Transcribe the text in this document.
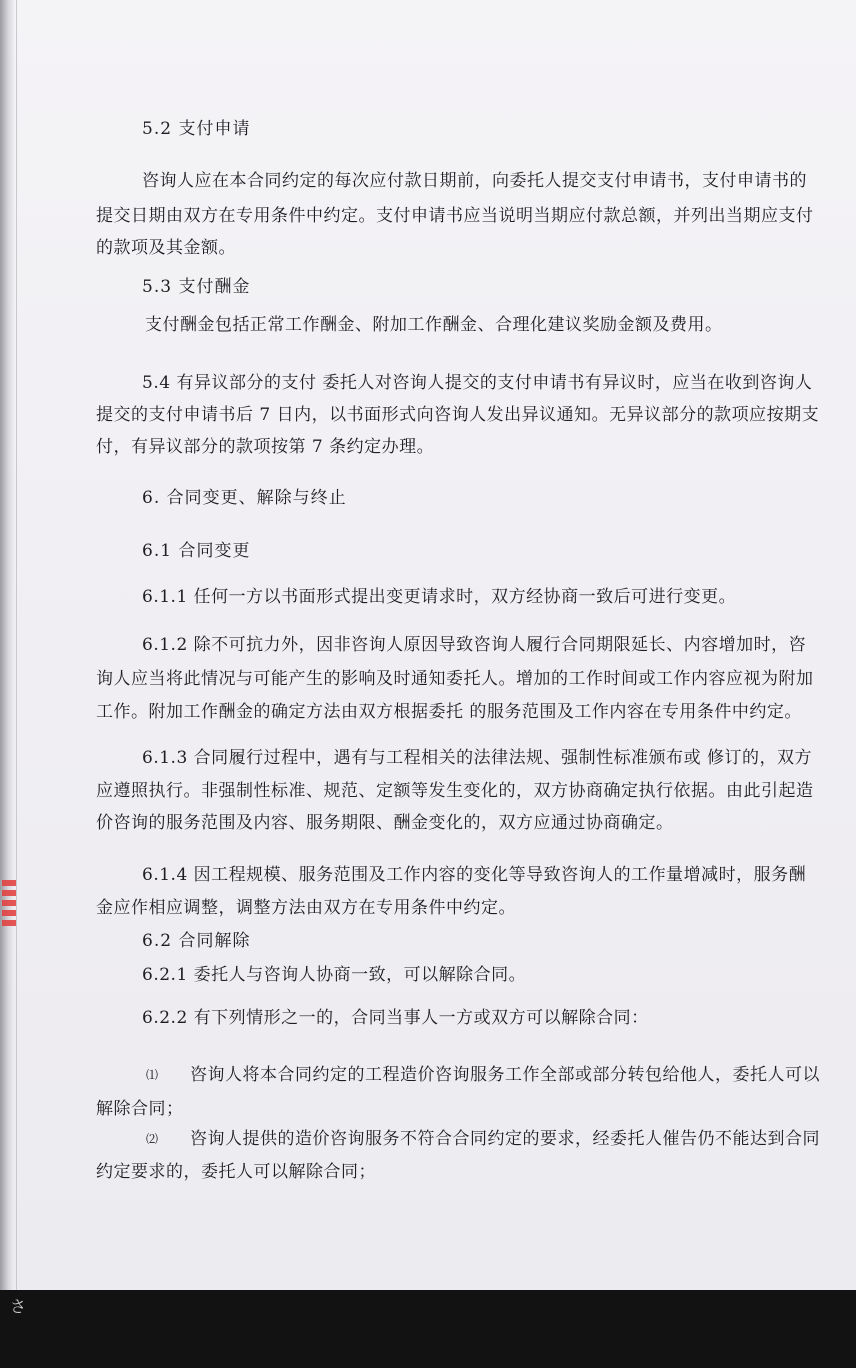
5.2 支付申请
咨询人应在本合同约定的每次应付款日期前，向委托人提交支付申请书，支付申请书的
提交日期由双方在专用条件中约定。支付申请书应当说明当期应付款总额，并列出当期应支付
的款项及其金额。
5.3 支付酬金
支付酬金包括正常工作酬金、附加工作酬金、合理化建议奖励金额及费用。
5.4 有异议部分的支付 委托人对咨询人提交的支付申请书有异议时，应当在收到咨询人
提交的支付申请书后 7 日内，以书面形式向咨询人发出异议通知。无异议部分的款项应按期支
付，有异议部分的款项按第 7 条约定办理。
6. 合同变更、解除与终止
6.1 合同变更
6.1.1 任何一方以书面形式提出变更请求时，双方经协商一致后可进行变更。
6.1.2 除不可抗力外，因非咨询人原因导致咨询人履行合同期限延长、内容增加时，咨
询人应当将此情况与可能产生的影响及时通知委托人。增加的工作时间或工作内容应视为附加
工作。附加工作酬金的确定方法由双方根据委托 的服务范围及工作内容在专用条件中约定。
6.1.3 合同履行过程中，遇有与工程相关的法律法规、强制性标准颁布或 修订的，双方
应遵照执行。非强制性标准、规范、定额等发生变化的，双方协商确定执行依据。由此引起造
价咨询的服务范围及内容、服务期限、酬金变化的，双方应通过协商确定。
6.1.4 因工程规模、服务范围及工作内容的变化等导致咨询人的工作量增减时，服务酬
金应作相应调整，调整方法由双方在专用条件中约定。
6.2 合同解除
6.2.1 委托人与咨询人协商一致，可以解除合同。
6.2.2 有下列情形之一的，合同当事人一方或双方可以解除合同：
⑴ 咨询人将本合同约定的工程造价咨询服务工作全部或部分转包给他人，委托人可以
解除合同；
⑵ 咨询人提供的造价咨询服务不符合合同约定的要求，经委托人催告仍不能达到合同
约定要求的，委托人可以解除合同；
さ
